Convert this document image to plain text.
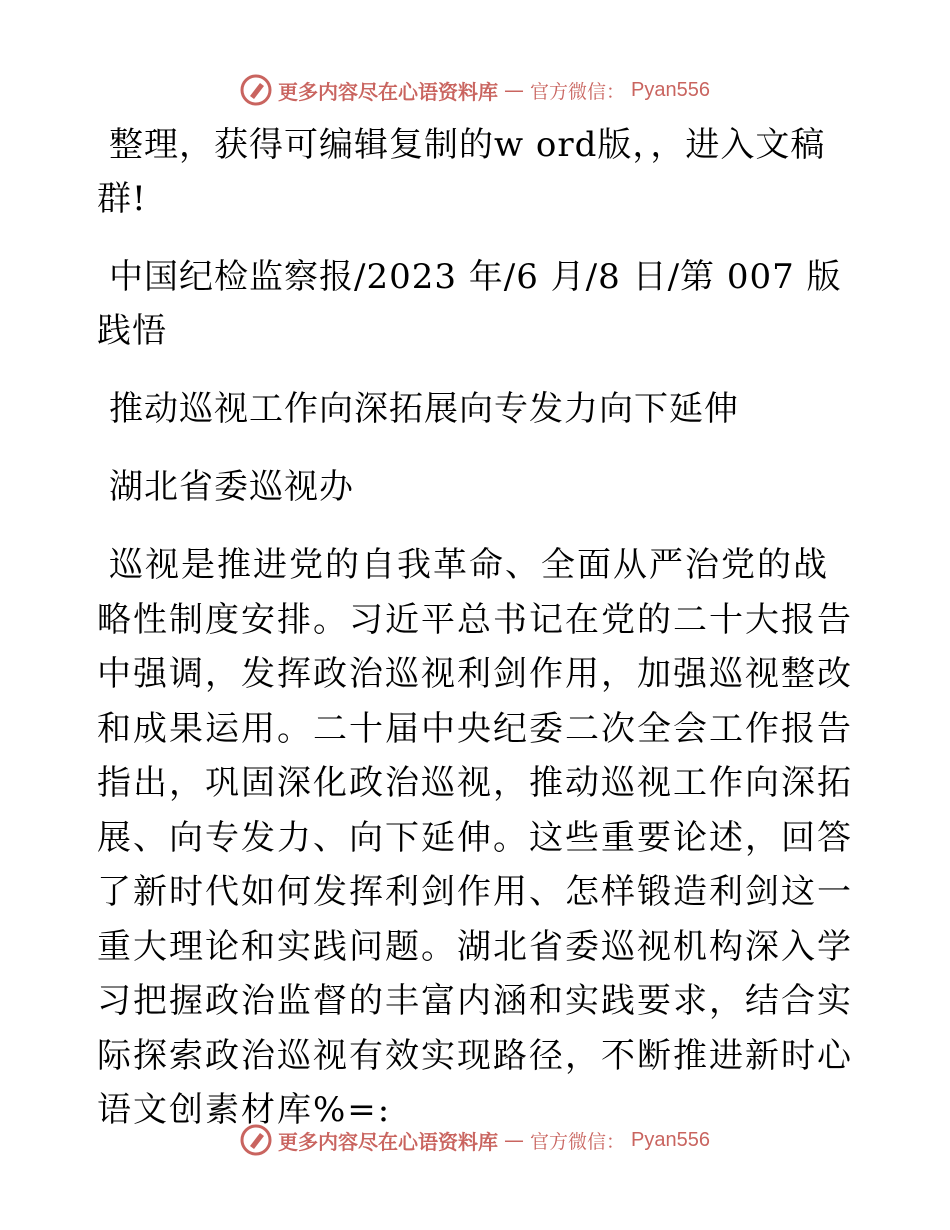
更多内容尽在心语资料库 — 官方微信： Pyan556

整理，获得可编辑复制的w ord版，，进入文稿群!

中国纪检监察报/2023 年/6 月/8 日/第 007 版践悟

推动巡视工作向深拓展向专发力向下延伸

湖北省委巡视办

巡视是推进党的自我革命、全面从严治党的战略性制度安排。习近平总书记在党的二十大报告中强调，发挥政治巡视利剑作用，加强巡视整改和成果运用。二十届中央纪委二次全会工作报告指出，巩固深化政治巡视，推动巡视工作向深拓展、向专发力、向下延伸。这些重要论述，回答了新时代如何发挥利剑作用、怎样锻造利剑这一重大理论和实践问题。湖北省委巡视机构深入学习把握政治监督的丰富内涵和实践要求，结合实际探索政治巡视有效实现路径，不断推进新时心语文创素材库%=:

更多内容尽在心语资料库 — 官方微信： Pyan556
